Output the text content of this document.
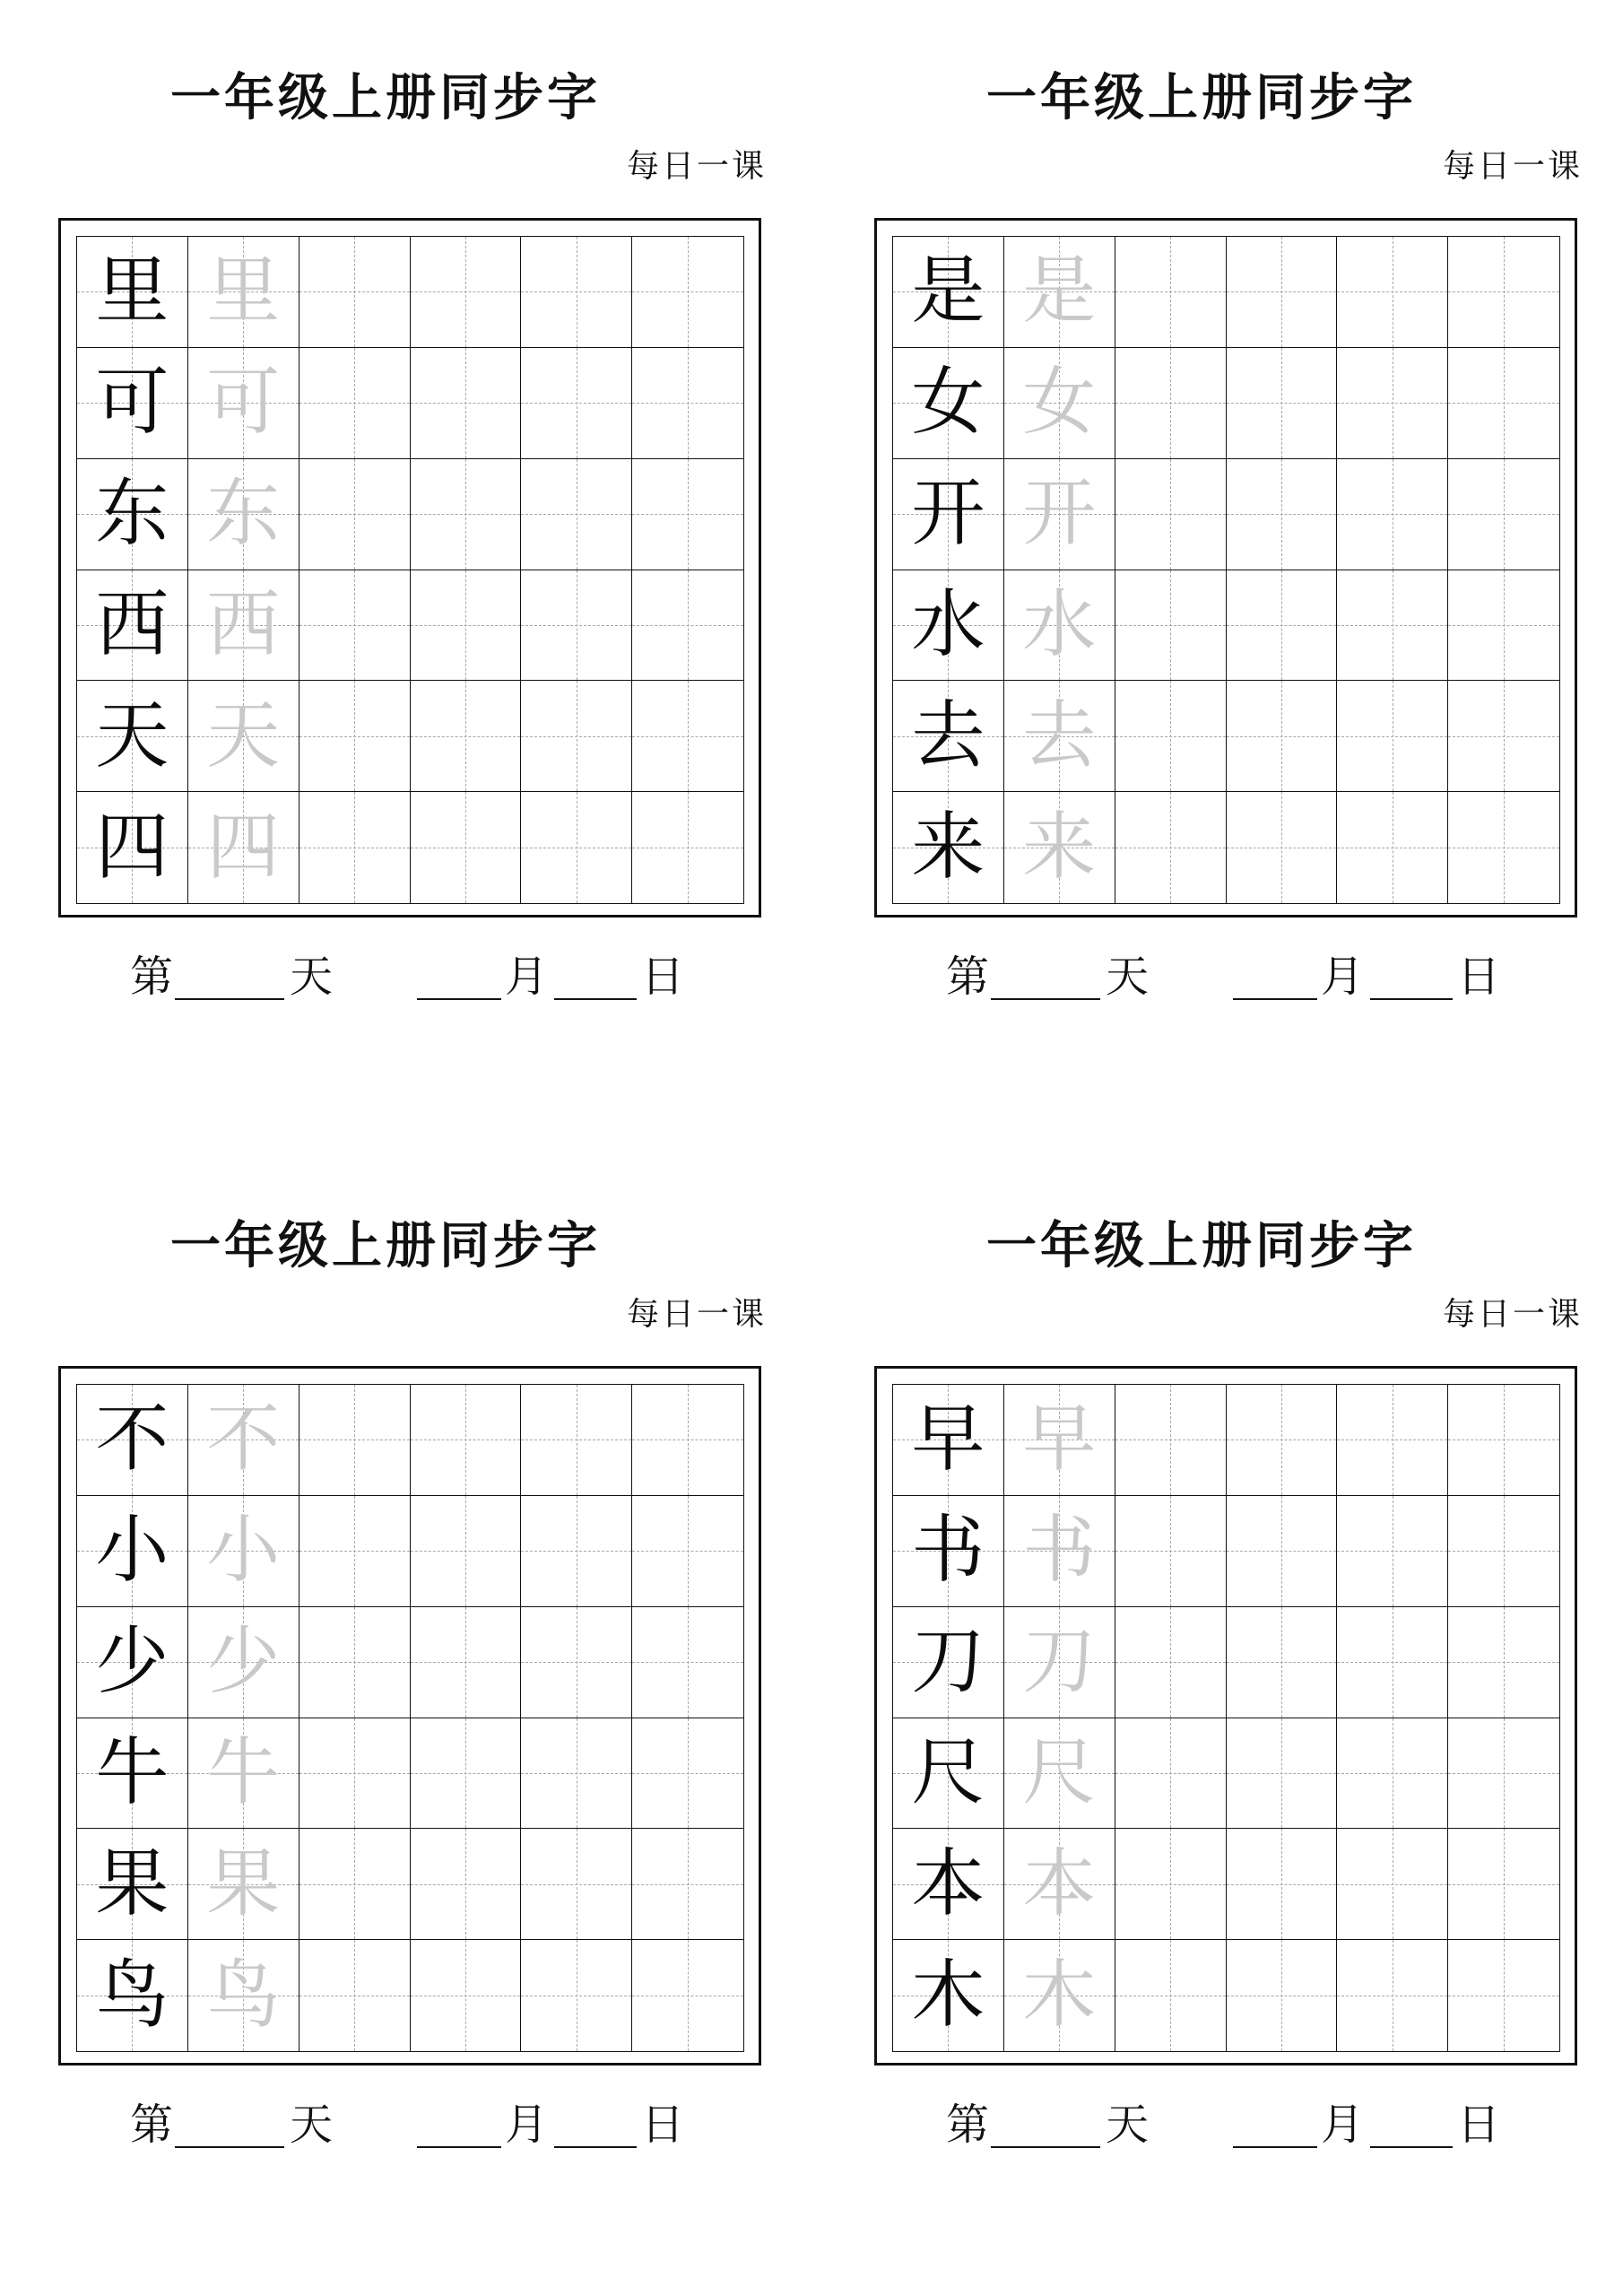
一年级上册同步字
每日一课
里 里
可 可
东 东
西 西
天 天
四 四
第	天	月 日
一年级上册同步字
每日一课
是 是
女 女
开 开
水 水
去 去
来 来
第	天	月 日
一年级上册同步字
每日一课
不 不
小 小
少 少
牛 牛
果 果
鸟 鸟
第	天	月 日
一年级上册同步字
每日一课
早 早
书 书
刀 刀
尺 尺
本 本
木 木
第	天	月 日
